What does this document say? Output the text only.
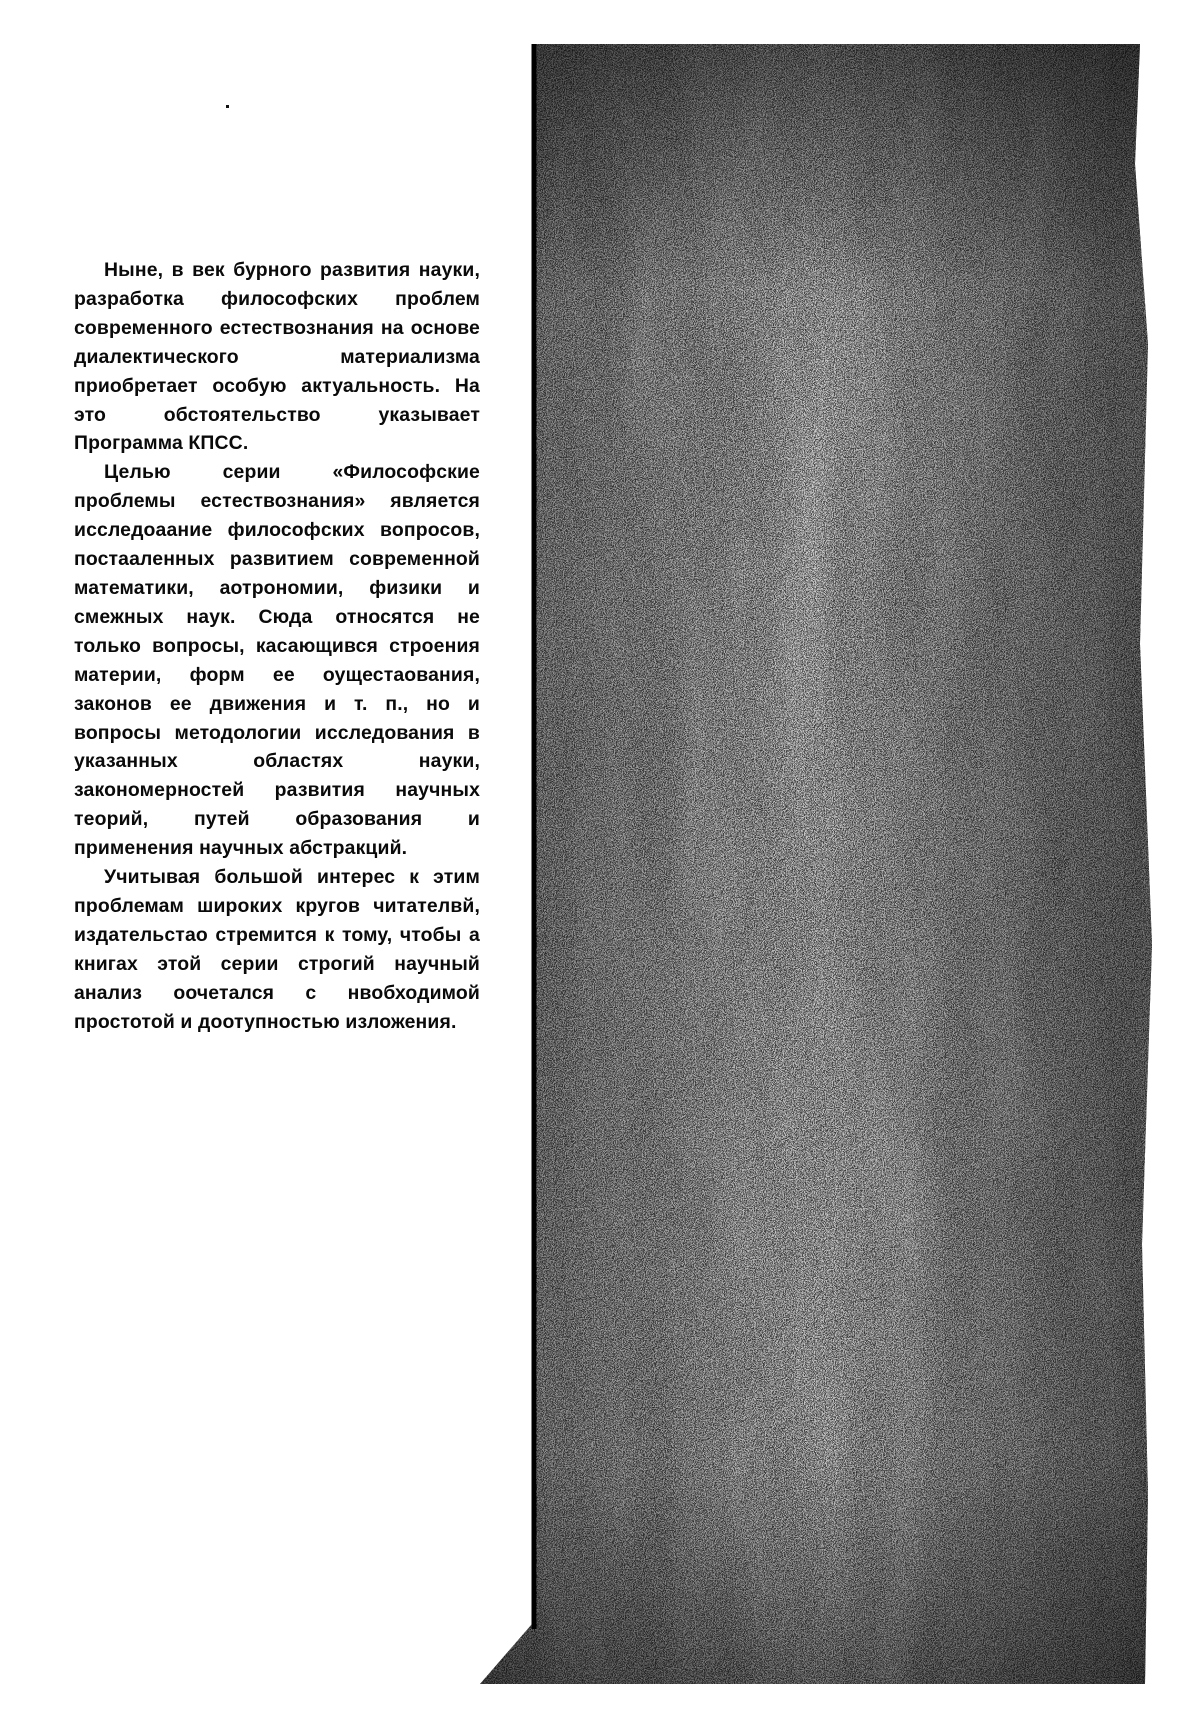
Ныне, в век бурного развития науки, разработка философских проблем современного естествознания на основе диалектического материализма приобретает особую актуальность. На это обстоятельство указывает Программа КПСС.

Целью серии «Философские проблемы естествознания» является исследоаание философских вопросов, постааленных развитием современной математики, аотрономии, физики и смежных наук. Сюда относятся не только вопросы, касающився строения материи, форм ее оущестаования, законов ее движения и т. п., но и вопросы методологии исследования в указанных областях науки, закономерностей развития научных теорий, путей образования и применения научных абстракций.

Учитывая большой интерес к этим проблемам широких кругов читателвй, издательстао стремится к тому, чтобы а книгах этой серии строгий научный анализ оочетался с нвобходимой простотой и доотупностью изложения.
